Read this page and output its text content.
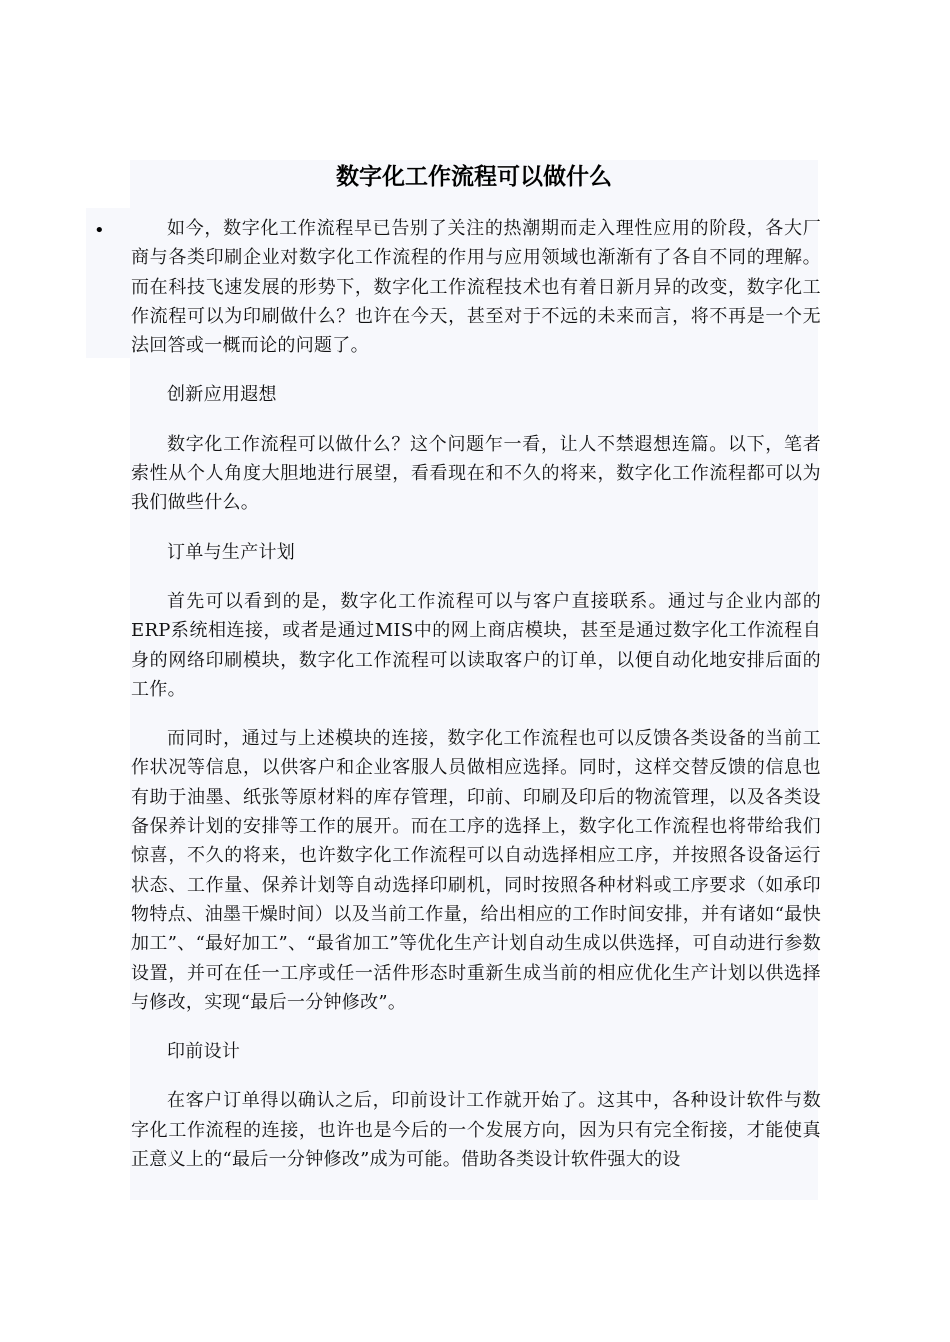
数字化工作流程可以做什么
•	如今，数字化工作流程早已告别了关注的热潮期而走入理性应用的阶段，各大厂商与各类印刷企业对数字化工作流程的作用与应用领域也渐渐有了各自不同的理解。而在科技飞速发展的形势下，数字化工作流程技术也有着日新月异的改变，数字化工作流程可以为印刷做什么？也许在今天，甚至对于不远的未来而言，将不再是一个无法回答或一概而论的问题了。

创新应用遐想

数字化工作流程可以做什么？这个问题乍一看，让人不禁遐想连篇。以下，笔者索性从个人角度大胆地进行展望，看看现在和不久的将来，数字化工作流程都可以为我们做些什么。

订单与生产计划

首先可以看到的是，数字化工作流程可以与客户直接联系。通过与企业内部的ERP系统相连接，或者是通过MIS中的网上商店模块，甚至是通过数字化工作流程自身的网络印刷模块，数字化工作流程可以读取客户的订单，以便自动化地安排后面的工作。

而同时，通过与上述模块的连接，数字化工作流程也可以反馈各类设备的当前工作状况等信息，以供客户和企业客服人员做相应选择。同时，这样交替反馈的信息也有助于油墨、纸张等原材料的库存管理，印前、印刷及印后的物流管理，以及各类设备保养计划的安排等工作的展开。而在工序的选择上，数字化工作流程也将带给我们惊喜，不久的将来，也许数字化工作流程可以自动选择相应工序，并按照各设备运行状态、工作量、保养计划等自动选择印刷机，同时按照各种材料或工序要求（如承印物特点、油墨干燥时间）以及当前工作量，给出相应的工作时间安排，并有诸如“最快加工”、“最好加工”、“最省加工”等优化生产计划自动生成以供选择，可自动进行参数设置，并可在任一工序或任一活件形态时重新生成当前的相应优化生产计划以供选择与修改，实现“最后一分钟修改”。

印前设计

在客户订单得以确认之后，印前设计工作就开始了。这其中，各种设计软件与数字化工作流程的连接，也许也是今后的一个发展方向，因为只有完全衔接，才能使真正意义上的“最后一分钟修改”成为可能。借助各类设计软件强大的设
